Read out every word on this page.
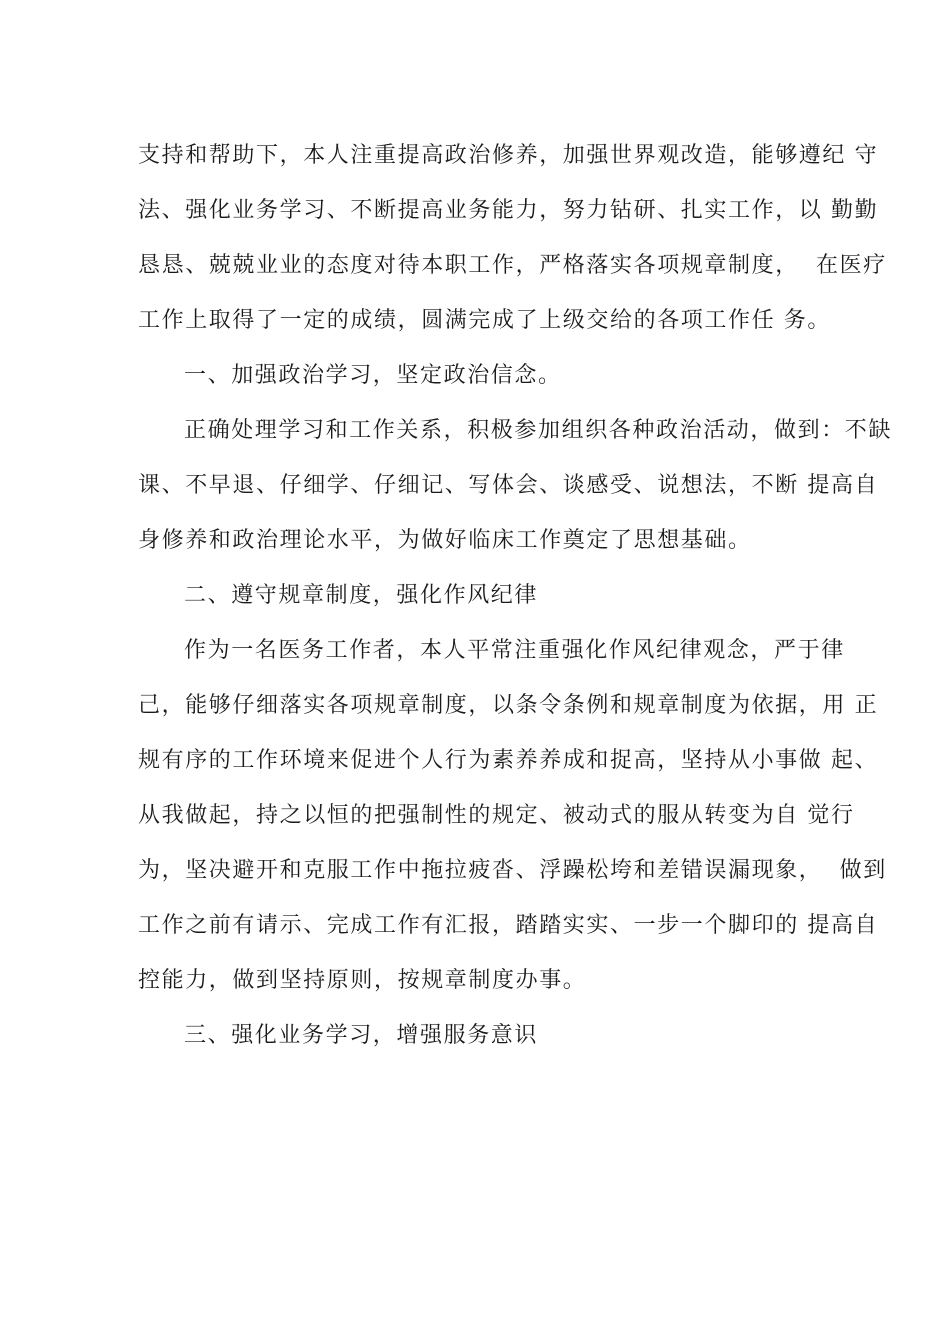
支持和帮助下，本人注重提高政治修养，加强世界观改造，能够遵纪 守
法、强化业务学习、不断提高业务能力，努力钻研、扎实工作，以 勤勤
恳恳、兢兢业业的态度对待本职工作，严格落实各项规章制度，  在医疗
工作上取得了一定的成绩，圆满完成了上级交给的各项工作任 务。
一、加强政治学习，坚定政治信念。
正确处理学习和工作关系，积极参加组织各种政治活动，做到：不缺
课、不早退、仔细学、仔细记、写体会、谈感受、说想法，不断 提高自
身修养和政治理论水平，为做好临床工作奠定了思想基础。
二、遵守规章制度，强化作风纪律
作为一名医务工作者，本人平常注重强化作风纪律观念，严于律
己，能够仔细落实各项规章制度，以条令条例和规章制度为依据，用 正
规有序的工作环境来促进个人行为素养养成和捉高，坚持从小事做 起、
从我做起，持之以恒的把强制性的规定、被动式的服从转变为自 觉行
为，坚决避开和克服工作中拖拉疲沓、浮躁松垮和差错误漏现象，  做到
工作之前有请示、完成工作有汇报，踏踏实实、一步一个脚印的 提高自
控能力，做到坚持原则，按规章制度办事。
三、强化业务学习，增强服务意识
